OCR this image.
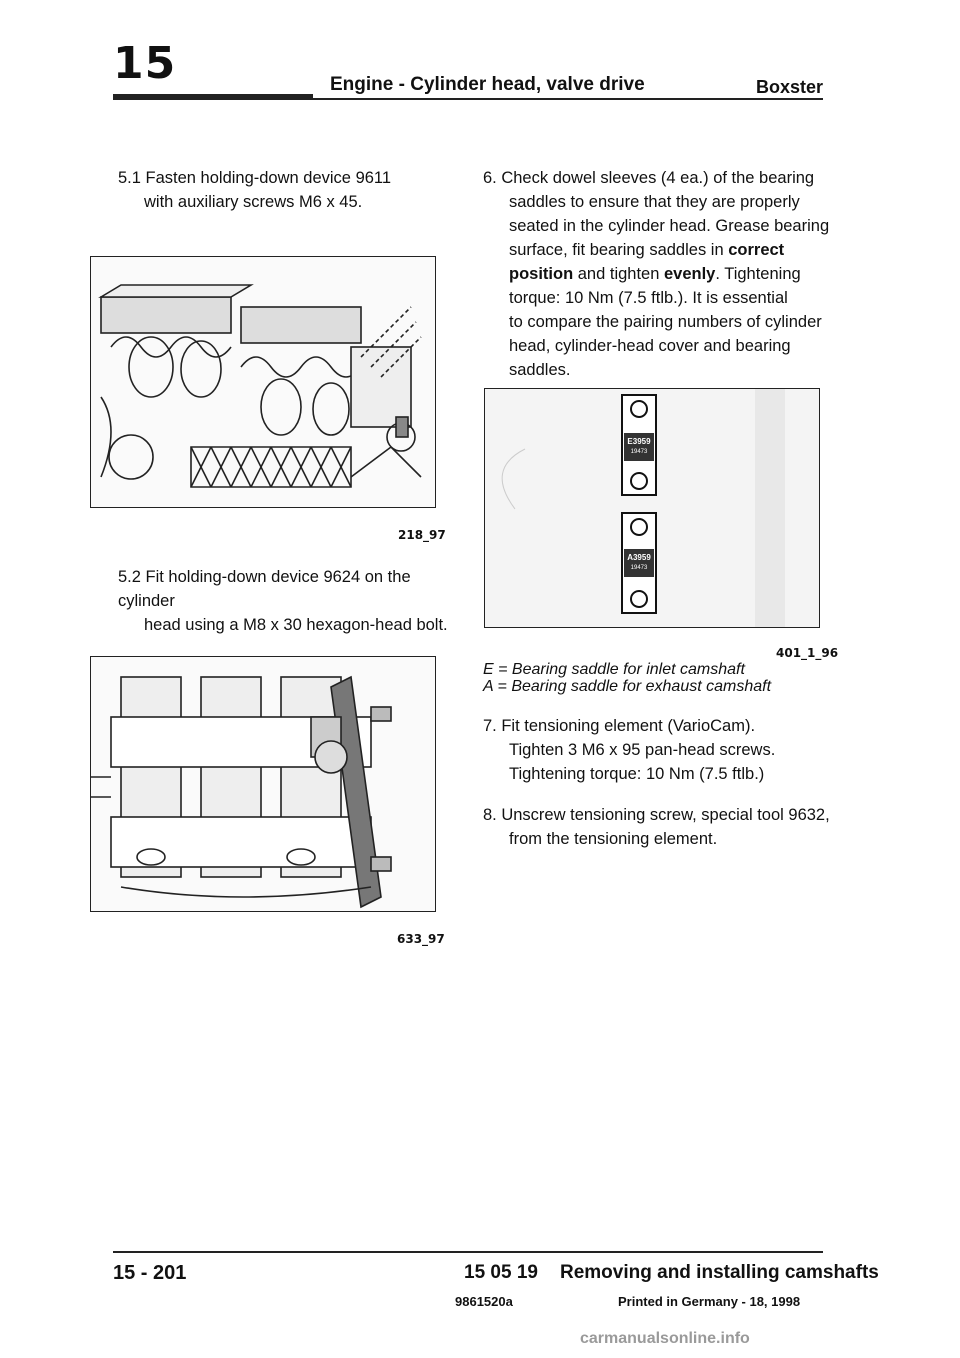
15	Engine - Cylinder head, valve drive	Boxster
5.1 Fasten holding-down device 9611
with auxiliary screws M6 x 45.
218_97
5.2 Fit holding-down device 9624 on the cylinder
head using a M8 x 30 hexagon-head bolt.
633_97
6. Check dowel sleeves (4 ea.) of the bearing
saddles to ensure that they are properly
seated in the cylinder head. Grease bearing
surface, fit bearing saddles in correct
position and tighten evenly. Tightening
torque: 10 Nm (7.5 ftlb.). It is essential
to compare the pairing numbers of cylinder
head, cylinder-head cover and bearing saddles.
E3959
19473
A3959
19473
401_1_96
E = Bearing saddle for inlet camshaft
A = Bearing saddle for exhaust camshaft
7. Fit tensioning element (VarioCam).
Tighten 3 M6 x 95 pan-head screws.
Tightening torque: 10 Nm (7.5 ftlb.)
8. Unscrew tensioning screw, special tool 9632,
from the tensioning element.
15 - 201	15 05 19 Removing and installing camshafts
9861520a	Printed in Germany - 18, 1998
carmanualsonline.info
